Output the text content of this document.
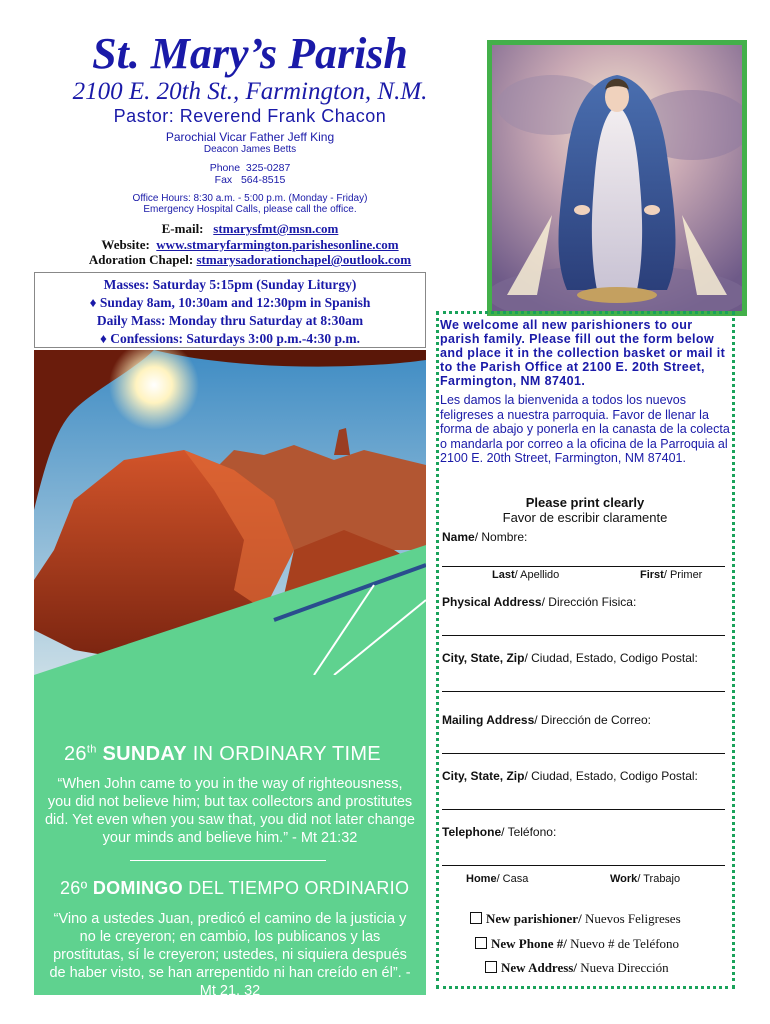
St. Mary’s Parish
2100 E. 20th St., Farmington, N.M.
Pastor: Reverend Frank Chacon
Parochial Vicar Father Jeff King
Deacon James Betts
Phone 325-0287
Fax 564-8515
Office Hours: 8:30 a.m. - 5:00 p.m. (Monday - Friday)
Emergency Hospital Calls, please call the office.
E-mail: stmarysfmt@msn.com
Website: www.stmaryfarmington.parishesonline.com
Adoration Chapel: stmarysadorationchapel@outlook.com
Masses: Saturday 5:15pm (Sunday Liturgy)
♦ Sunday 8am, 10:30am and 12:30pm in Spanish
Daily Mass: Monday thru Saturday at 8:30am
♦ Confessions: Saturdays 3:00 p.m.-4:30 p.m.
26th SUNDAY IN ORDINARY TIME
“When John came to you in the way of righteousness, you did not believe him; but tax collectors and prostitutes did. Yet even when you saw that, you did not later change your minds and believe him.” - Mt 21:32
26º DOMINGO DEL TIEMPO ORDINARIO
“Vino a ustedes Juan, predicó el camino de la justicia y no le creyeron; en cambio, los publicanos y las prostitutas, sí le creyeron; ustedes, ni siquiera después de haber visto, se han arrepentido ni han creído en él”. - Mt 21, 32
We welcome all new parishioners to our parish family. Please fill out the form below and place it in the collection basket or mail it to the Parish Office at 2100 E. 20th Street, Farmington, NM 87401.
Les damos la bienvenida a todos los nuevos feligreses a nuestra parroquia. Favor de llenar la forma de abajo y ponerla en la canasta de la colecta o mandarla por correo a la oficina de la Parroquia al 2100 E. 20th Street, Farmington, NM 87401.
Please print clearly
Favor de escribir claramente
Name/ Nombre:
Last/ Apellido	First/ Primer
Physical Address/ Dirección Fisica:
City, State, Zip/ Ciudad, Estado, Codigo Postal:
Mailing Address/ Dirección de Correo:
City, State, Zip/ Ciudad, Estado, Codigo Postal:
Telephone/ Teléfono:
Home/ Casa	Work/ Trabajo
New parishioner/ Nuevos Feligreses
New Phone #/ Nuevo # de Teléfono
New Address/ Nueva Dirección
